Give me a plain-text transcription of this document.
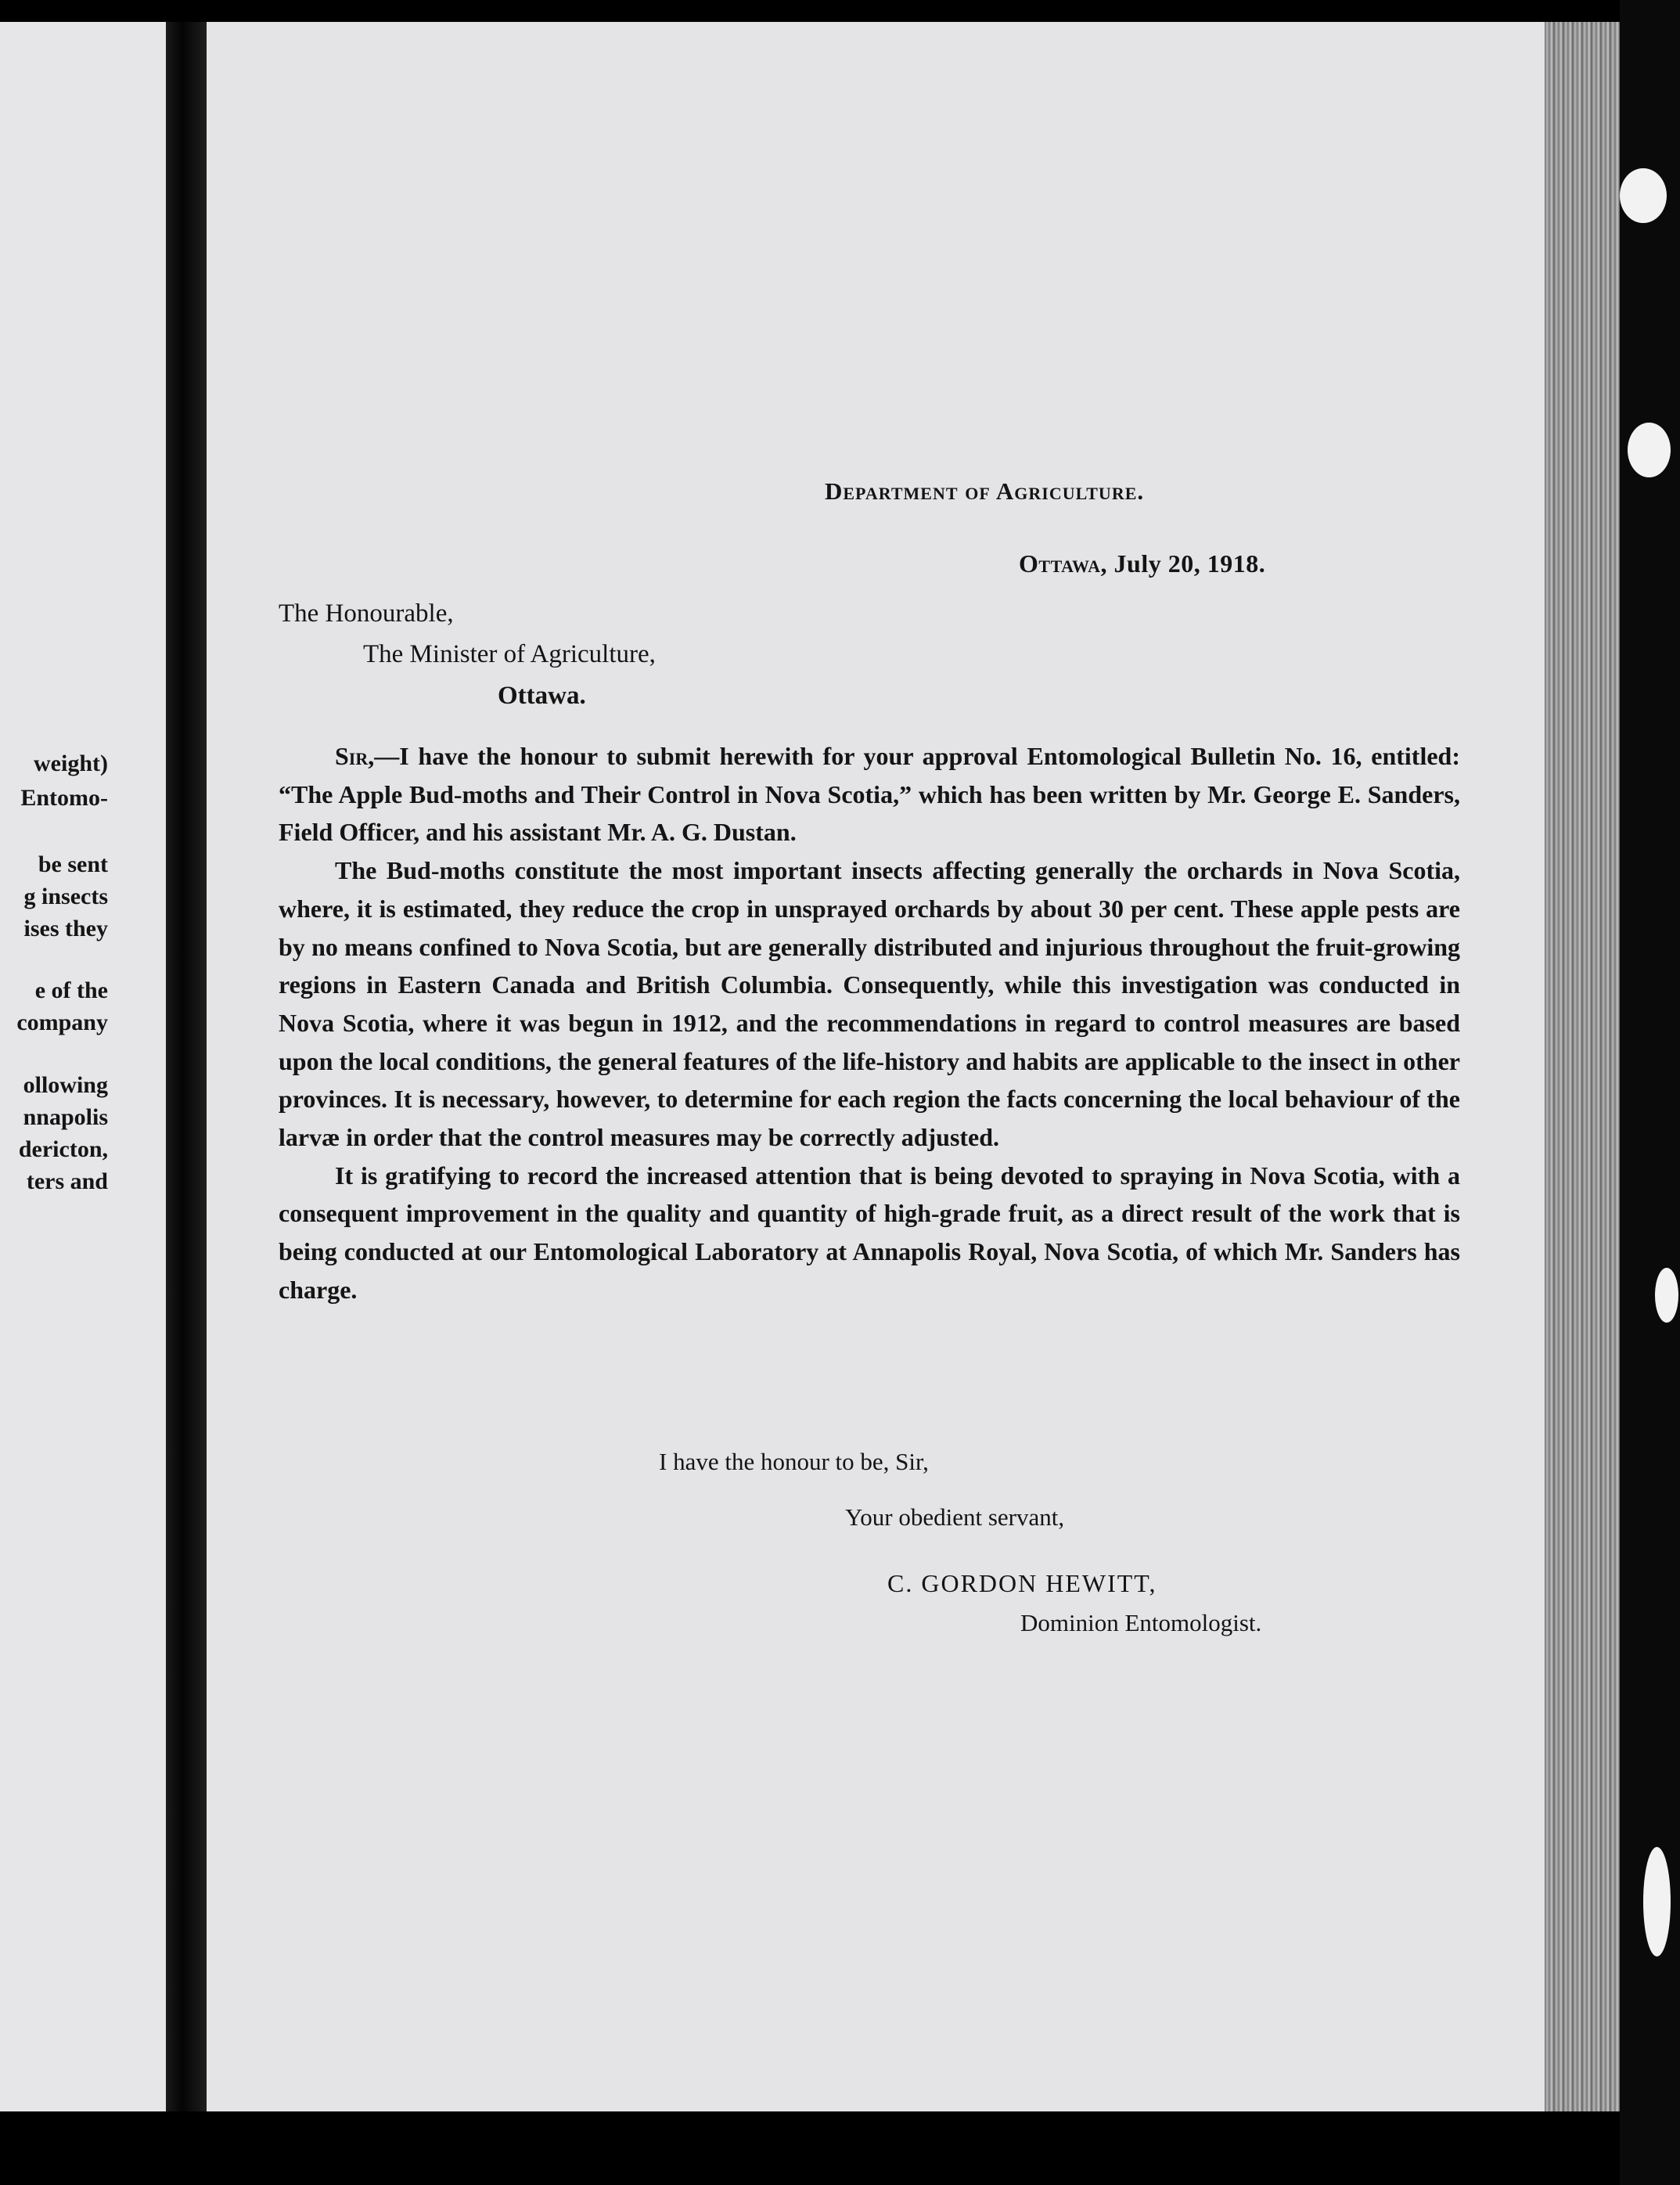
weight)
Entomo-
be sent
g insects
ises they
e of the
company
ollowing
nnapolis
dericton,
ters and
Department of Agriculture.
Ottawa, July 20, 1918.
The Honourable,
The Minister of Agriculture,
Ottawa.

Sir,—I have the honour to submit herewith for your approval Entomological Bulletin No. 16, entitled: “The Apple Bud-moths and Their Control in Nova Scotia,” which has been written by Mr. George E. Sanders, Field Officer, and his assistant Mr. A. G. Dustan.

The Bud-moths constitute the most important insects affecting generally the orchards in Nova Scotia, where, it is estimated, they reduce the crop in unsprayed orchards by about 30 per cent. These apple pests are by no means confined to Nova Scotia, but are generally distributed and injurious throughout the fruit-growing regions in Eastern Canada and British Columbia. Consequently, while this investigation was conducted in Nova Scotia, where it was begun in 1912, and the recommendations in regard to control measures are based upon the local conditions, the general features of the life-history and habits are applicable to the insect in other provinces. It is necessary, however, to determine for each region the facts concerning the local behaviour of the larvæ in order that the control measures may be correctly adjusted.

It is gratifying to record the increased attention that is being devoted to spraying in Nova Scotia, with a consequent improvement in the quality and quantity of high-grade fruit, as a direct result of the work that is being conducted at our Entomological Laboratory at Annapolis Royal, Nova Scotia, of which Mr. Sanders has charge.

I have the honour to be, Sir,
Your obedient servant,
C. GORDON HEWITT,
Dominion Entomologist.
